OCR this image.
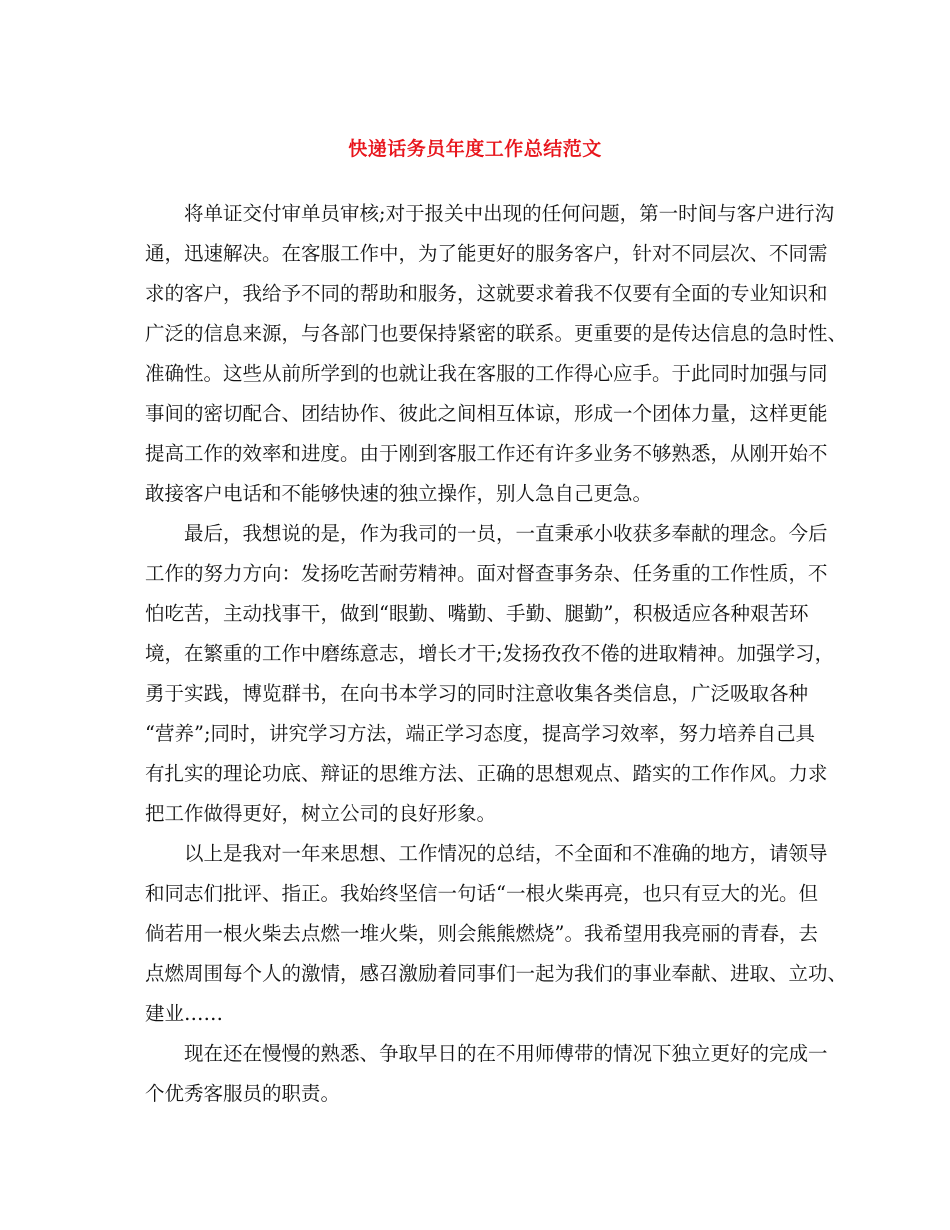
快递话务员年度工作总结范文
　　将单证交付审单员审核;对于报关中出现的任何问题，第一时间与客户进行沟
通，迅速解决。在客服工作中，为了能更好的服务客户，针对不同层次、不同需
求的客户，我给予不同的帮助和服务，这就要求着我不仅要有全面的专业知识和
广泛的信息来源，与各部门也要保持紧密的联系。更重要的是传达信息的急时性、
准确性。这些从前所学到的也就让我在客服的工作得心应手。于此同时加强与同
事间的密切配合、团结协作、彼此之间相互体谅，形成一个团体力量，这样更能
提高工作的效率和进度。由于刚到客服工作还有许多业务不够熟悉，从刚开始不
敢接客户电话和不能够快速的独立操作，别人急自己更急。
　　最后，我想说的是，作为我司的一员，一直秉承小收获多奉献的理念。今后
工作的努力方向：发扬吃苦耐劳精神。面对督查事务杂、任务重的工作性质，不
怕吃苦，主动找事干，做到“眼勤、嘴勤、手勤、腿勤”，积极适应各种艰苦环
境，在繁重的工作中磨练意志，增长才干;发扬孜孜不倦的进取精神。加强学习，
勇于实践，博览群书，在向书本学习的同时注意收集各类信息，广泛吸取各种
“营养”;同时，讲究学习方法，端正学习态度，提高学习效率，努力培养自己具
有扎实的理论功底、辩证的思维方法、正确的思想观点、踏实的工作作风。力求
把工作做得更好，树立公司的良好形象。
　　以上是我对一年来思想、工作情况的总结，不全面和不准确的地方，请领导
和同志们批评、指正。我始终坚信一句话“一根火柴再亮，也只有豆大的光。但
倘若用一根火柴去点燃一堆火柴，则会熊熊燃烧”。我希望用我亮丽的青春，去
点燃周围每个人的激情，感召激励着同事们一起为我们的事业奉献、进取、立功、
建业……
　　现在还在慢慢的熟悉、争取早日的在不用师傅带的情况下独立更好的完成一
个优秀客服员的职责。
